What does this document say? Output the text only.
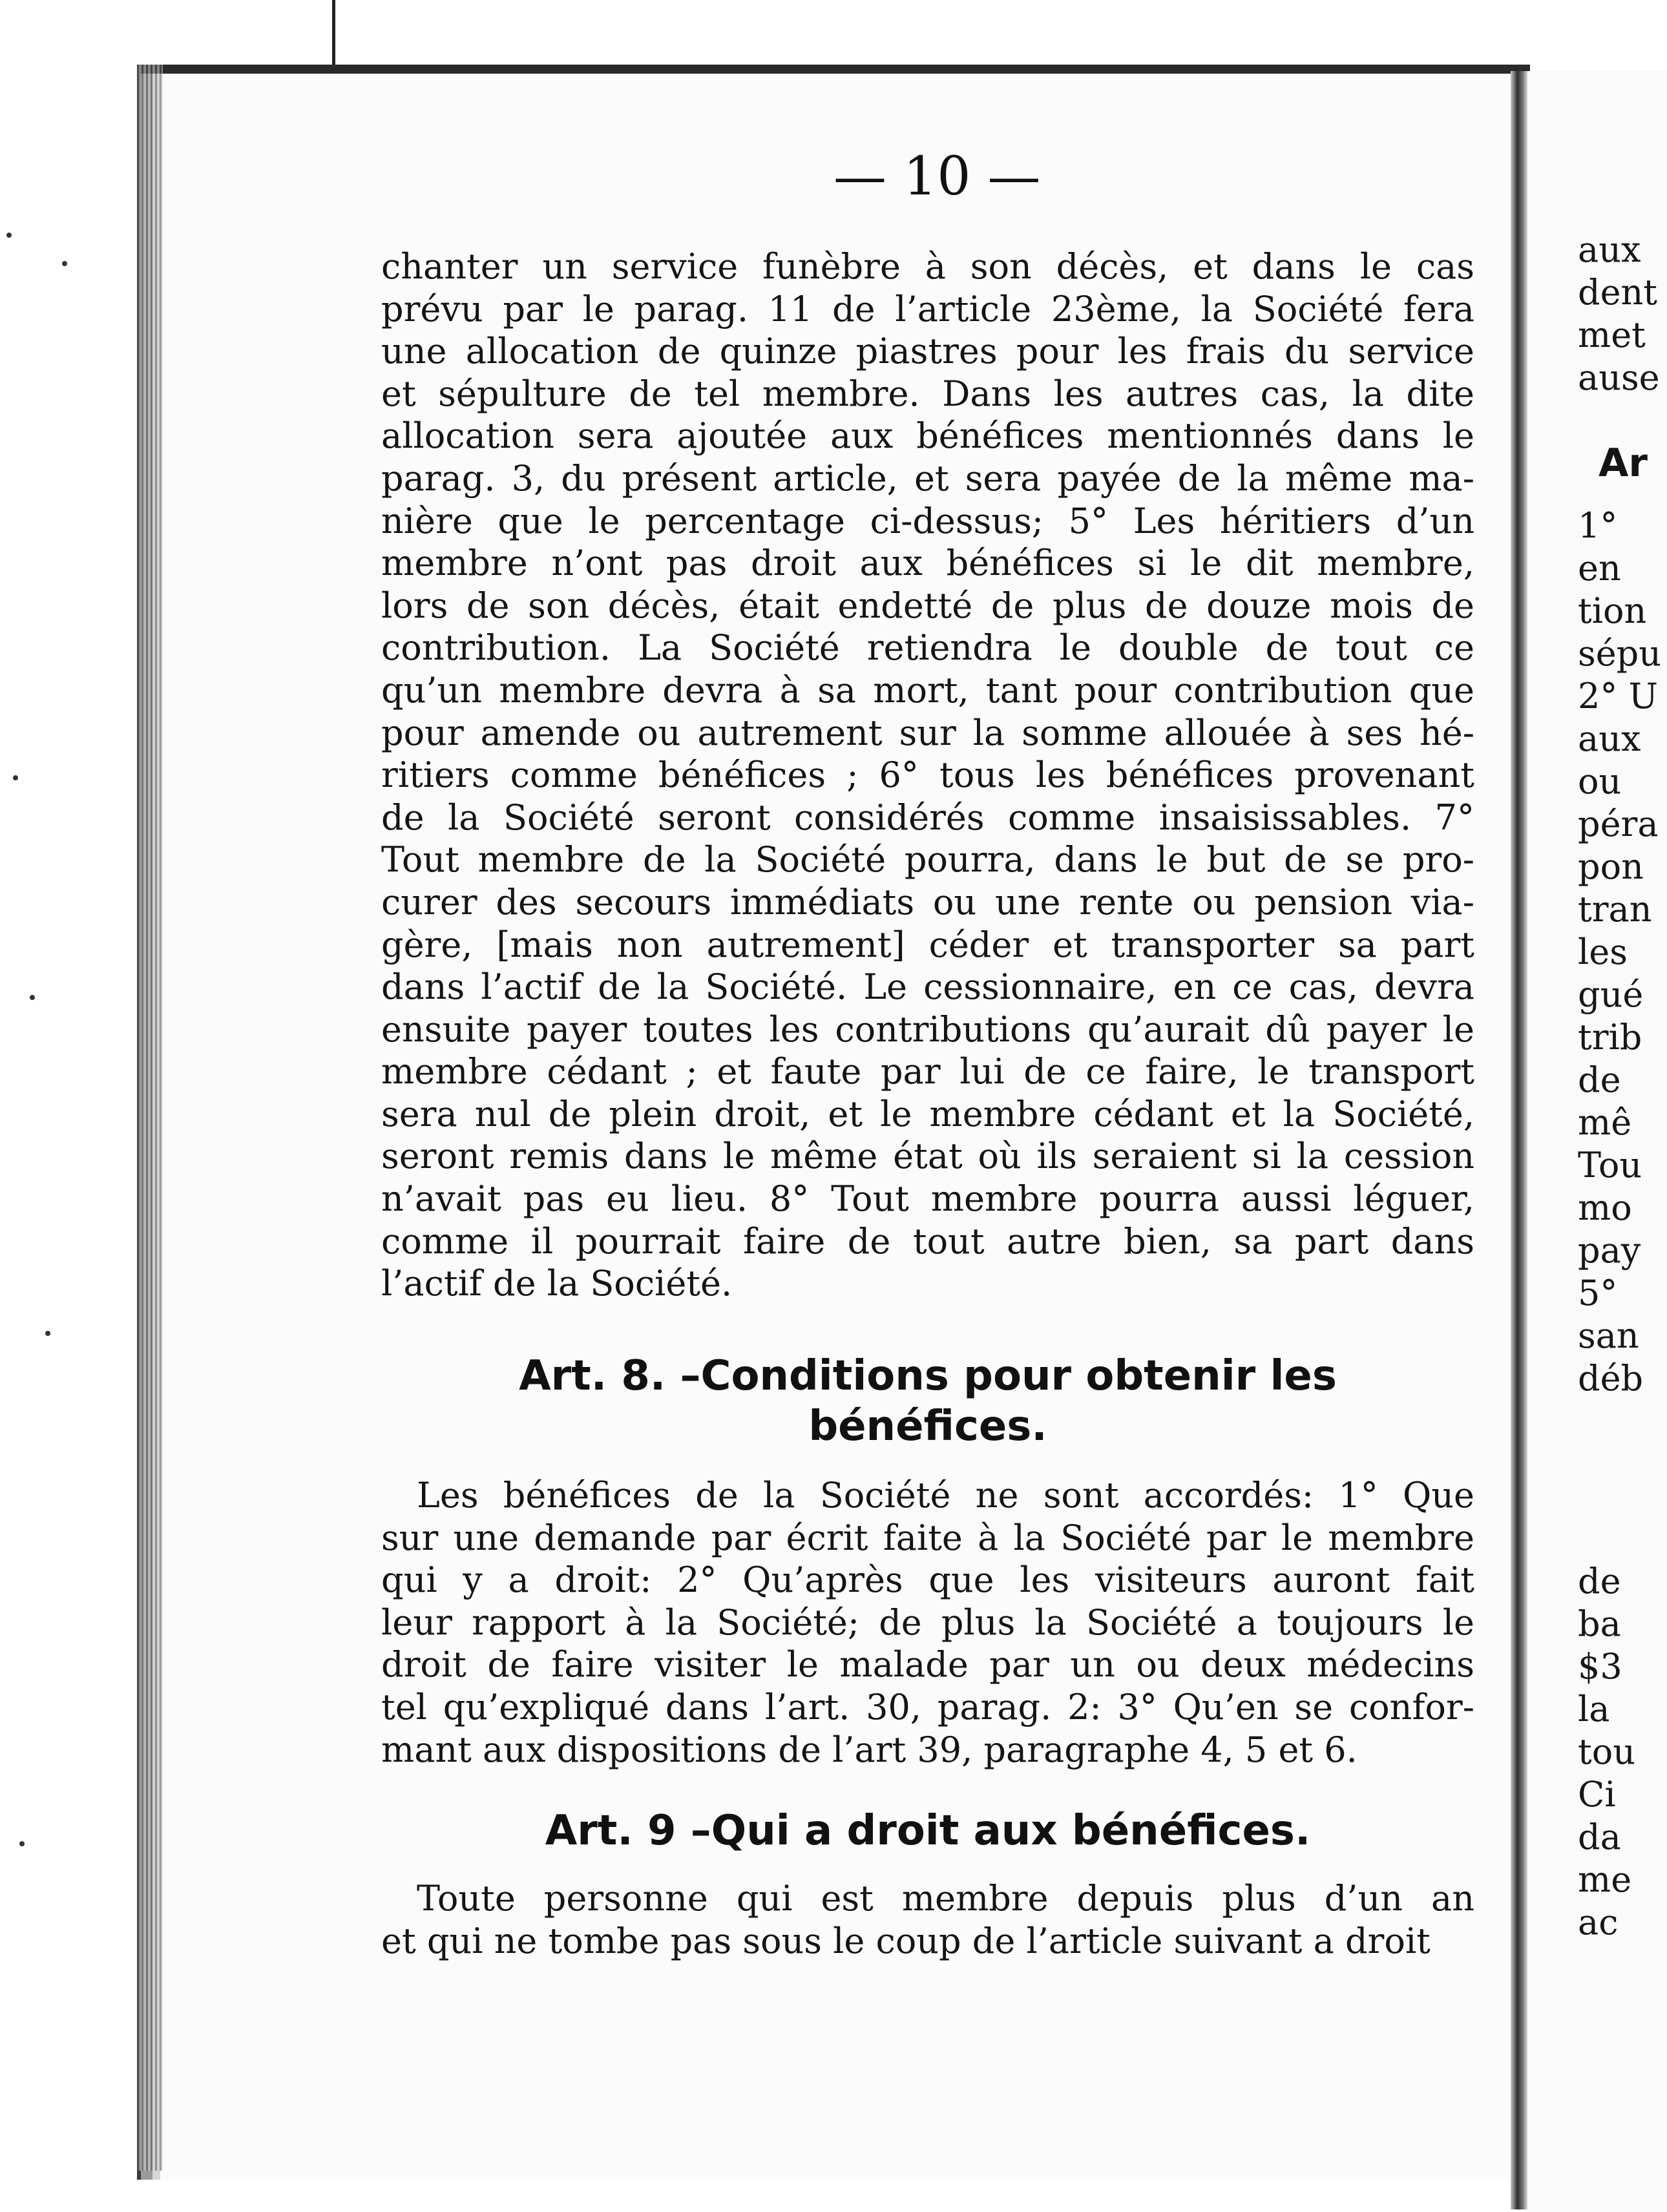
— 10 —
chanter un service funèbre à son décès, et dans le cas
prévu par le parag. 11 de l’article 23ème, la Société fera
une allocation de quinze piastres pour les frais du service
et sépulture de tel membre. Dans les autres cas, la dite
allocation sera ajoutée aux bénéfices mentionnés dans le
parag. 3, du présent article, et sera payée de la même ma-
nière que le percentage ci-dessus; 5° Les héritiers d’un
membre n’ont pas droit aux bénéfices si le dit membre,
lors de son décès, était endetté de plus de douze mois de
contribution. La Société retiendra le double de tout ce
qu’un membre devra à sa mort, tant pour contribution que
pour amende ou autrement sur la somme allouée à ses hé-
ritiers comme bénéfices ; 6° tous les bénéfices provenant
de la Société seront considérés comme insaisissables. 7°
Tout membre de la Société pourra, dans le but de se pro-
curer des secours immédiats ou une rente ou pension via-
gère, [mais non autrement] céder et transporter sa part
dans l’actif de la Société. Le cessionnaire, en ce cas, devra
ensuite payer toutes les contributions qu’aurait dû payer le
membre cédant ; et faute par lui de ce faire, le transport
sera nul de plein droit, et le membre cédant et la Société,
seront remis dans le même état où ils seraient si la cession
n’avait pas eu lieu. 8° Tout membre pourra aussi léguer,
comme il pourrait faire de tout autre bien, sa part dans
l’actif de la Société.
Art. 8. –Conditions pour obtenir les
bénéfices.
Les bénéfices de la Société ne sont accordés: 1° Que
sur une demande par écrit faite à la Société par le membre
qui y a droit: 2° Qu’après que les visiteurs auront fait
leur rapport à la Société; de plus la Société a toujours le
droit de faire visiter le malade par un ou deux médecins
tel qu’expliqué dans l’art. 30, parag. 2: 3° Qu’en se confor-
mant aux dispositions de l’art 39, paragraphe 4, 5 et 6.
Art. 9 –Qui a droit aux bénéfices.
Toute personne qui est membre depuis plus d’un an
et qui ne tombe pas sous le coup de l’article suivant a droit
aux
dent
met
ause
Ar
1°
en
tion
sépu
2° U
aux
ou
péra
pon
tran
les
gué
trib
de
mê
Tou
mo
pay
5°
san
déb
de
ba
$3
la
tou
Ci
da
me
ac
